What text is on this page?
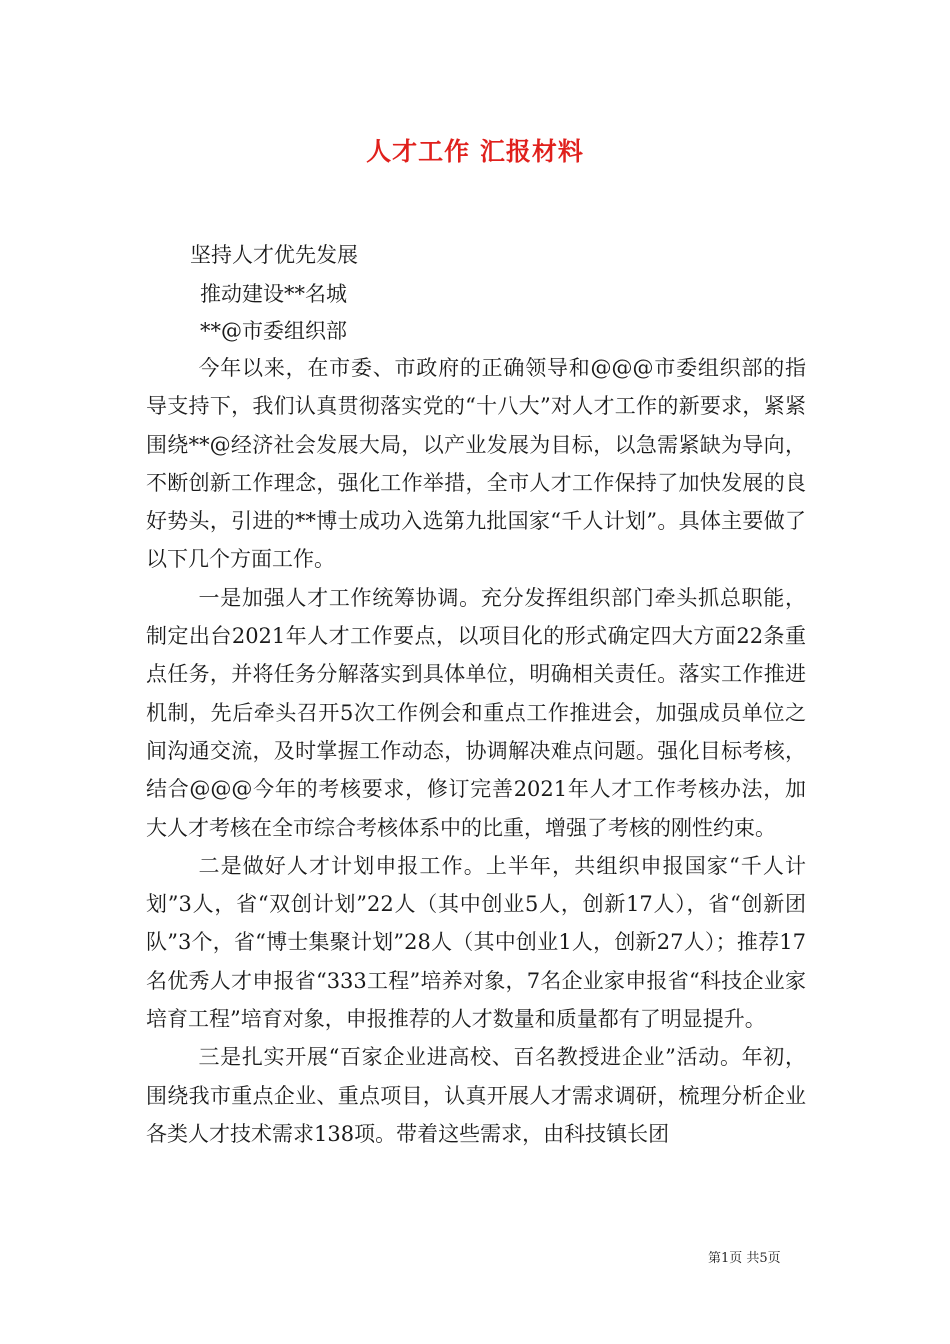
人才工作 汇报材料

坚持人才优先发展

推动建设**名城

**@市委组织部

今年以来，在市委、市政府的正确领导和@@@市委组织部的指导支持下，我们认真贯彻落实党的“十八大”对人才工作的新要求，紧紧围绕**@经济社会发展大局，以产业发展为目标，以急需紧缺为导向，不断创新工作理念，强化工作举措，全市人才工作保持了加快发展的良好势头，引进的**博士成功入选第九批国家“千人计划”。具体主要做了以下几个方面工作。

一是加强人才工作统筹协调。充分发挥组织部门牵头抓总职能，制定出台2021年人才工作要点，以项目化的形式确定四大方面22条重点任务，并将任务分解落实到具体单位，明确相关责任。落实工作推进机制，先后牵头召开5次工作例会和重点工作推进会，加强成员单位之间沟通交流，及时掌握工作动态，协调解决难点问题。强化目标考核，结合@@@今年的考核要求，修订完善2021年人才工作考核办法，加大人才考核在全市综合考核体系中的比重，增强了考核的刚性约束。

二是做好人才计划申报工作。上半年，共组织申报国家“千人计划”3人，省“双创计划”22人（其中创业5人，创新17人），省“创新团队”3个，省“博士集聚计划”28人（其中创业1人，创新27人）；推荐17名优秀人才申报省“333工程”培养对象，7名企业家申报省“科技企业家培育工程”培育对象，申报推荐的人才数量和质量都有了明显提升。

三是扎实开展“百家企业进高校、百名教授进企业”活动。年初，围绕我市重点企业、重点项目，认真开展人才需求调研，梳理分析企业各类人才技术需求138项。带着这些需求，由科技镇长团

第1页 共5页
